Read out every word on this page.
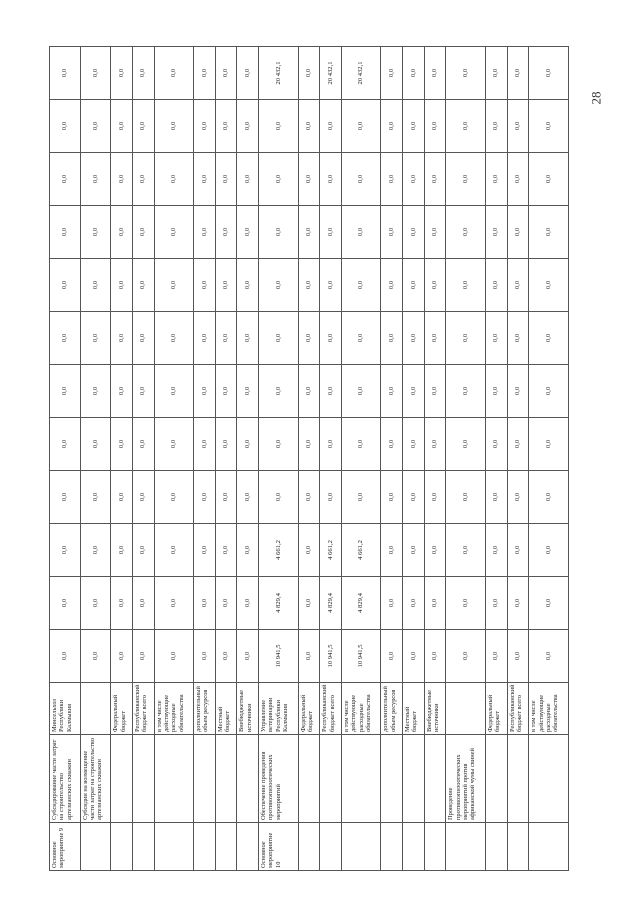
28
Основное мероприятие 9	Субсидирование части затрат на строительство артезианских скважин	Минсельхоз Республики Калмыкия	0,0	0,0	0,0	0,0	0,0	0,0	0,0	0,0	0,0	0,0	0,0	0,0
	Субсидии на возмещение части затрат на строительство артезианских скважин		0,0	0,0	0,0	0,0	0,0	0,0	0,0	0,0	0,0	0,0	0,0	0,0
		Федеральный бюджет	0,0	0,0	0,0	0,0	0,0	0,0	0,0	0,0	0,0	0,0	0,0	0,0
		Республиканский бюджет всего	0,0	0,0	0,0	0,0	0,0	0,0	0,0	0,0	0,0	0,0	0,0	0,0
		в том числе действующие расходные обязательства	0,0	0,0	0,0	0,0	0,0	0,0	0,0	0,0	0,0	0,0	0,0	0,0
		дополнительный объем ресурсов	0,0	0,0	0,0	0,0	0,0	0,0	0,0	0,0	0,0	0,0	0,0	0,0
		Местный бюджет	0,0	0,0	0,0	0,0	0,0	0,0	0,0	0,0	0,0	0,0	0,0	0,0
		Внебюджетные источники	0,0	0,0	0,0	0,0	0,0	0,0	0,0	0,0	0,0	0,0	0,0	0,0
Основное мероприятие 10	Обеспечение проведения противоэпизоотических мероприятий	Управление ветеринарии Республики Калмыкия	10 941,5	4 829,4	4 661,2	0,0	0,0	0,0	0,0	0,0	0,0	0,0	0,0	20 432,1
		Федеральный бюджет	0,0	0,0	0,0	0,0	0,0	0,0	0,0	0,0	0,0	0,0	0,0	0,0
		Республиканский бюджет всего	10 941,5	4 829,4	4 661,2	0,0	0,0	0,0	0,0	0,0	0,0	0,0	0,0	20 432,1
		в том числе действующие расходные обязательства	10 941,5	4 829,4	4 661,2	0,0	0,0	0,0	0,0	0,0	0,0	0,0	0,0	20 432,1
		дополнительный объем ресурсов	0,0	0,0	0,0	0,0	0,0	0,0	0,0	0,0	0,0	0,0	0,0	0,0
		Местный бюджет	0,0	0,0	0,0	0,0	0,0	0,0	0,0	0,0	0,0	0,0	0,0	0,0
		Внебюджетные источники	0,0	0,0	0,0	0,0	0,0	0,0	0,0	0,0	0,0	0,0	0,0	0,0
	Проведение противоэпизоотических мероприятий против африканской чумы свиней		0,0	0,0	0,0	0,0	0,0	0,0	0,0	0,0	0,0	0,0	0,0	0,0
		Федеральный бюджет	0,0	0,0	0,0	0,0	0,0	0,0	0,0	0,0	0,0	0,0	0,0	0,0
		Республиканский бюджет всего	0,0	0,0	0,0	0,0	0,0	0,0	0,0	0,0	0,0	0,0	0,0	0,0
		в том числе действующие расходные обязательства	0,0	0,0	0,0	0,0	0,0	0,0	0,0	0,0	0,0	0,0	0,0	0,0
